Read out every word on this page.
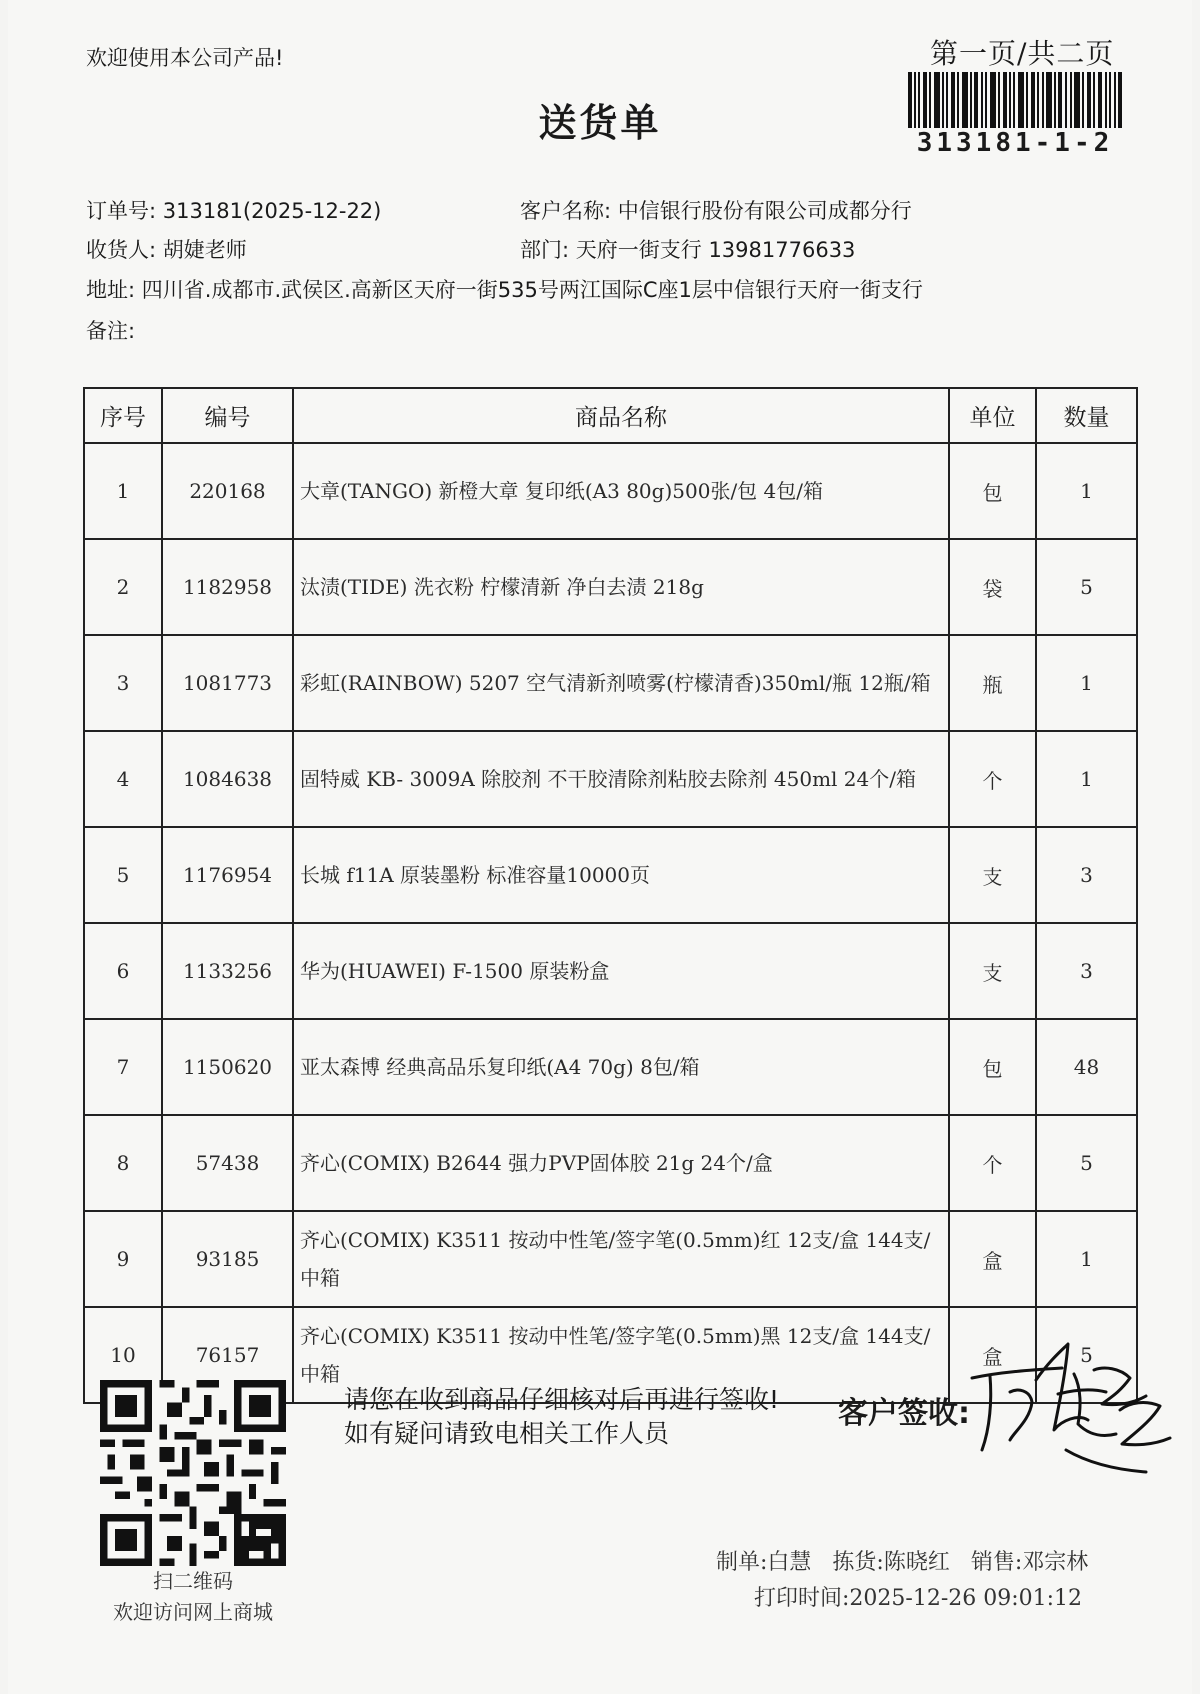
欢迎使用本公司产品!	第一页/共二页
313181-1-2
送货单
订单号: 313181(2025-12-22)	客户名称: 中信银行股份有限公司成都分行
收货人: 胡婕老师	部门: 天府一街支行 13981776633
地址: 四川省.成都市.武侯区.高新区天府一街535号两江国际C座1层中信银行天府一街支行
备注:
序号	编号	商品名称	单位	数量
1	220168	大章(TANGO) 新橙大章 复印纸(A3 80g)500张/包 4包/箱	包	1
2	1182958	汰渍(TIDE) 洗衣粉 柠檬清新 净白去渍 218g	袋	5
3	1081773	彩虹(RAINBOW) 5207 空气清新剂喷雾(柠檬清香)350ml/瓶 12瓶/箱	瓶	1
4	1084638	固特威 KB- 3009A 除胶剂 不干胶清除剂粘胶去除剂 450ml 24个/箱	个	1
5	1176954	长城 f11A 原装墨粉 标准容量10000页	支	3
6	1133256	华为(HUAWEI) F-1500 原装粉盒	支	3
7	1150620	亚太森博 经典高品乐复印纸(A4 70g) 8包/箱	包	48
8	57438	齐心(COMIX) B2644 强力PVP固体胶 21g 24个/盒	个	5
9	93185	齐心(COMIX) K3511 按动中性笔/签字笔(0.5mm)红 12支/盒 144支/中箱	盒	1
10	76157	齐心(COMIX) K3511 按动中性笔/签字笔(0.5mm)黑 12支/盒 144支/中箱	盒	5
扫二维码
欢迎访问网上商城
请您在收到商品仔细核对后再进行签收!如有疑问请致电相关工作人员
客户签收:
制单:白慧 拣货:陈晓红 销售:邓宗林
打印时间:2025-12-26 09:01:12
